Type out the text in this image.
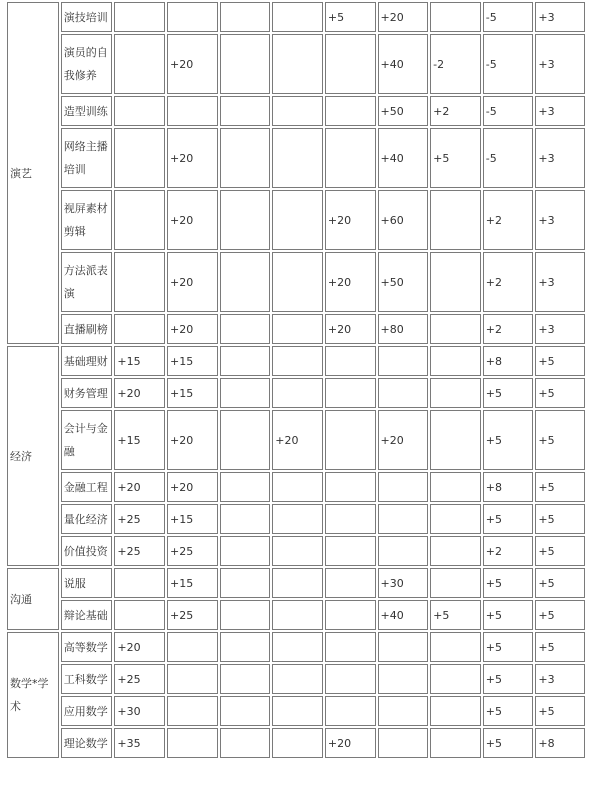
演艺	演技培训					+5	+20		-5	+3
	演员的自我修养		+20				+40	-2	-5	+3
	造型训练						+50	+2	-5	+3
	网络主播培训		+20				+40	+5	-5	+3
	视屏素材剪辑		+20			+20	+60		+2	+3
	方法派表演		+20			+20	+50		+2	+3
	直播刷榜		+20			+20	+80		+2	+3
经济	基础理财	+15	+15						+8	+5
	财务管理	+20	+15						+5	+5
	会计与金融	+15	+20		+20		+20		+5	+5
	金融工程	+20	+20						+8	+5
	量化经济	+25	+15						+5	+5
	价值投资	+25	+25						+2	+5
沟通	说服		+15				+30		+5	+5
	辩论基础		+25				+40	+5	+5	+5
数学*学术	高等数学	+20							+5	+5
	工科数学	+25							+5	+3
	应用数学	+30							+5	+5
	理论数学	+35				+20			+5	+8
